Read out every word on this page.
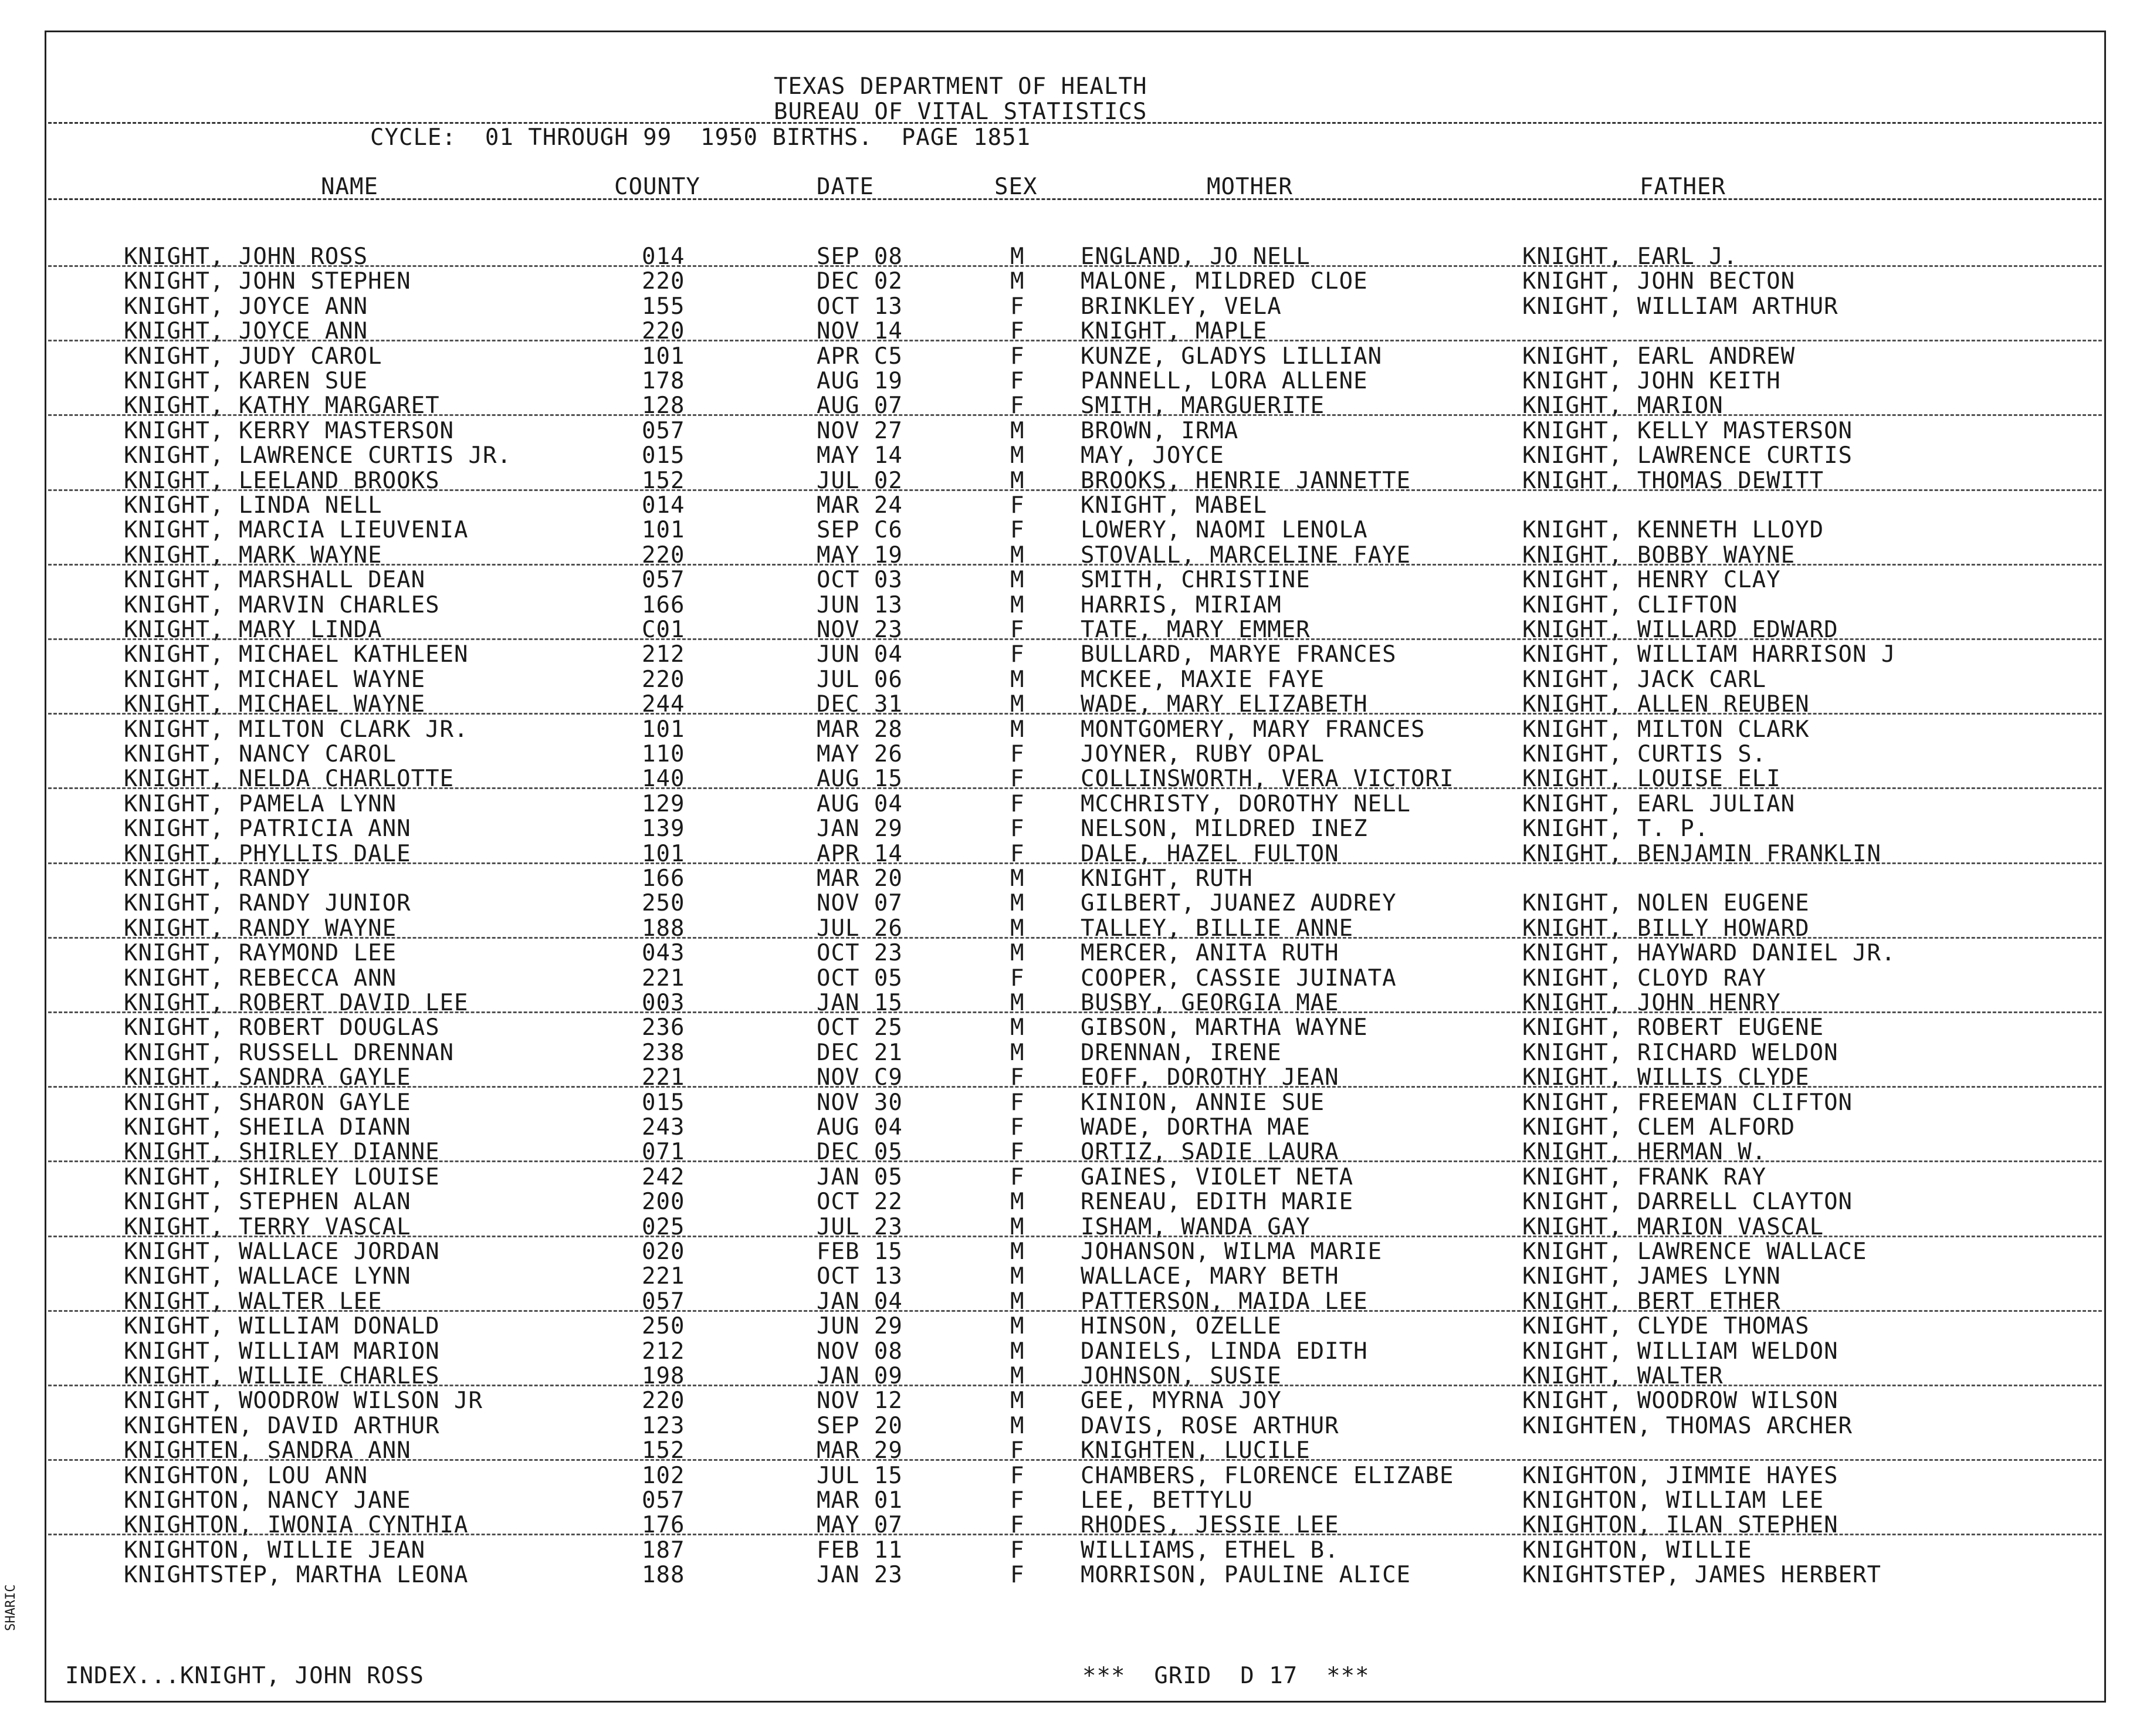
TEXAS DEPARTMENT OF HEALTH
BUREAU OF VITAL STATISTICS
CYCLE:  01 THROUGH 99  1950 BIRTHS.  PAGE 1851
NAME	COUNTY	DATE	SEX	MOTHER	FATHER
KNIGHT, JOHN ROSS	014	SEP 08	M ENGLAND, JO NELL	KNIGHT, EARL J.
KNIGHT, JOHN STEPHEN	220	DEC 02	M MALONE, MILDRED CLOE	KNIGHT, JOHN BECTON
KNIGHT, JOYCE ANN	155	OCT 13	F BRINKLEY, VELA	KNIGHT, WILLIAM ARTHUR
KNIGHT, JOYCE ANN	220	NOV 14	F KNIGHT, MAPLE
KNIGHT, JUDY CAROL	101	APR C5	F KUNZE, GLADYS LILLIAN	KNIGHT, EARL ANDREW
KNIGHT, KAREN SUE	178	AUG 19	F PANNELL, LORA ALLENE	KNIGHT, JOHN KEITH
KNIGHT, KATHY MARGARET	128	AUG 07	F SMITH, MARGUERITE	KNIGHT, MARION
KNIGHT, KERRY MASTERSON	057	NOV 27	M BROWN, IRMA	KNIGHT, KELLY MASTERSON
KNIGHT, LAWRENCE CURTIS JR.	015	MAY 14	M MAY, JOYCE	KNIGHT, LAWRENCE CURTIS
KNIGHT, LEELAND BROOKS	152	JUL 02	M BROOKS, HENRIE JANNETTE	KNIGHT, THOMAS DEWITT
KNIGHT, LINDA NELL	014	MAR 24	F KNIGHT, MABEL
KNIGHT, MARCIA LIEUVENIA	101	SEP C6	F LOWERY, NAOMI LENOLA	KNIGHT, KENNETH LLOYD
KNIGHT, MARK WAYNE	220	MAY 19	M STOVALL, MARCELINE FAYE	KNIGHT, BOBBY WAYNE
KNIGHT, MARSHALL DEAN	057	OCT 03	M SMITH, CHRISTINE	KNIGHT, HENRY CLAY
KNIGHT, MARVIN CHARLES	166	JUN 13	M HARRIS, MIRIAM	KNIGHT, CLIFTON
KNIGHT, MARY LINDA	C01	NOV 23	F TATE, MARY EMMER	KNIGHT, WILLARD EDWARD
KNIGHT, MICHAEL KATHLEEN	212	JUN 04	F BULLARD, MARYE FRANCES	KNIGHT, WILLIAM HARRISON J
KNIGHT, MICHAEL WAYNE	220	JUL 06	M MCKEE, MAXIE FAYE	KNIGHT, JACK CARL
KNIGHT, MICHAEL WAYNE	244	DEC 31	M WADE, MARY ELIZABETH	KNIGHT, ALLEN REUBEN
KNIGHT, MILTON CLARK JR.	101	MAR 28	M MONTGOMERY, MARY FRANCES	KNIGHT, MILTON CLARK
KNIGHT, NANCY CAROL	110	MAY 26	F JOYNER, RUBY OPAL	KNIGHT, CURTIS S.
KNIGHT, NELDA CHARLOTTE	140	AUG 15	F COLLINSWORTH, VERA VICTORI	KNIGHT, LOUISE ELI
KNIGHT, PAMELA LYNN	129	AUG 04	F MCCHRISTY, DOROTHY NELL	KNIGHT, EARL JULIAN
KNIGHT, PATRICIA ANN	139	JAN 29	F NELSON, MILDRED INEZ	KNIGHT, T. P.
KNIGHT, PHYLLIS DALE	101	APR 14	F DALE, HAZEL FULTON	KNIGHT, BENJAMIN FRANKLIN
KNIGHT, RANDY	166	MAR 20	M KNIGHT, RUTH
KNIGHT, RANDY JUNIOR	250	NOV 07	M GILBERT, JUANEZ AUDREY	KNIGHT, NOLEN EUGENE
KNIGHT, RANDY WAYNE	188	JUL 26	M TALLEY, BILLIE ANNE	KNIGHT, BILLY HOWARD
KNIGHT, RAYMOND LEE	043	OCT 23	M MERCER, ANITA RUTH	KNIGHT, HAYWARD DANIEL JR.
KNIGHT, REBECCA ANN	221	OCT 05	F COOPER, CASSIE JUINATA	KNIGHT, CLOYD RAY
KNIGHT, ROBERT DAVID LEE	003	JAN 15	M BUSBY, GEORGIA MAE	KNIGHT, JOHN HENRY
KNIGHT, ROBERT DOUGLAS	236	OCT 25	M GIBSON, MARTHA WAYNE	KNIGHT, ROBERT EUGENE
KNIGHT, RUSSELL DRENNAN	238	DEC 21	M DRENNAN, IRENE	KNIGHT, RICHARD WELDON
KNIGHT, SANDRA GAYLE	221	NOV C9	F EOFF, DOROTHY JEAN	KNIGHT, WILLIS CLYDE
KNIGHT, SHARON GAYLE	015	NOV 30	F KINION, ANNIE SUE	KNIGHT, FREEMAN CLIFTON
KNIGHT, SHEILA DIANN	243	AUG 04	F WADE, DORTHA MAE	KNIGHT, CLEM ALFORD
KNIGHT, SHIRLEY DIANNE	071	DEC 05	F ORTIZ, SADIE LAURA	KNIGHT, HERMAN W.
KNIGHT, SHIRLEY LOUISE	242	JAN 05	F GAINES, VIOLET NETA	KNIGHT, FRANK RAY
KNIGHT, STEPHEN ALAN	200	OCT 22	M RENEAU, EDITH MARIE	KNIGHT, DARRELL CLAYTON
KNIGHT, TERRY VASCAL	025	JUL 23	M ISHAM, WANDA GAY	KNIGHT, MARION VASCAL
KNIGHT, WALLACE JORDAN	020	FEB 15	M JOHANSON, WILMA MARIE	KNIGHT, LAWRENCE WALLACE
KNIGHT, WALLACE LYNN	221	OCT 13	M WALLACE, MARY BETH	KNIGHT, JAMES LYNN
KNIGHT, WALTER LEE	057	JAN 04	M PATTERSON, MAIDA LEE	KNIGHT, BERT ETHER
KNIGHT, WILLIAM DONALD	250	JUN 29	M HINSON, OZELLE	KNIGHT, CLYDE THOMAS
KNIGHT, WILLIAM MARION	212	NOV 08	M DANIELS, LINDA EDITH	KNIGHT, WILLIAM WELDON
KNIGHT, WILLIE CHARLES	198	JAN 09	M JOHNSON, SUSIE	KNIGHT, WALTER
KNIGHT, WOODROW WILSON JR	220	NOV 12	M GEE, MYRNA JOY	KNIGHT, WOODROW WILSON
KNIGHTEN, DAVID ARTHUR	123	SEP 20	M DAVIS, ROSE ARTHUR	KNIGHTEN, THOMAS ARCHER
KNIGHTEN, SANDRA ANN	152	MAR 29	F KNIGHTEN, LUCILE
KNIGHTON, LOU ANN	102	JUL 15	F CHAMBERS, FLORENCE ELIZABE	KNIGHTON, JIMMIE HAYES
KNIGHTON, NANCY JANE	057	MAR 01	F LEE, BETTYLU	KNIGHTON, WILLIAM LEE
KNIGHTON, IWONIA CYNTHIA	176	MAY 07	F RHODES, JESSIE LEE	KNIGHTON, ILAN STEPHEN
KNIGHTON, WILLIE JEAN	187	FEB 11	F WILLIAMS, ETHEL B.	KNIGHTON, WILLIE
KNIGHTSTEP, MARTHA LEONA	188	JAN 23	F MORRISON, PAULINE ALICE	KNIGHTSTEP, JAMES HERBERT
INDEX...KNIGHT, JOHN ROSS	***  GRID  D 17  ***
SHARIC
